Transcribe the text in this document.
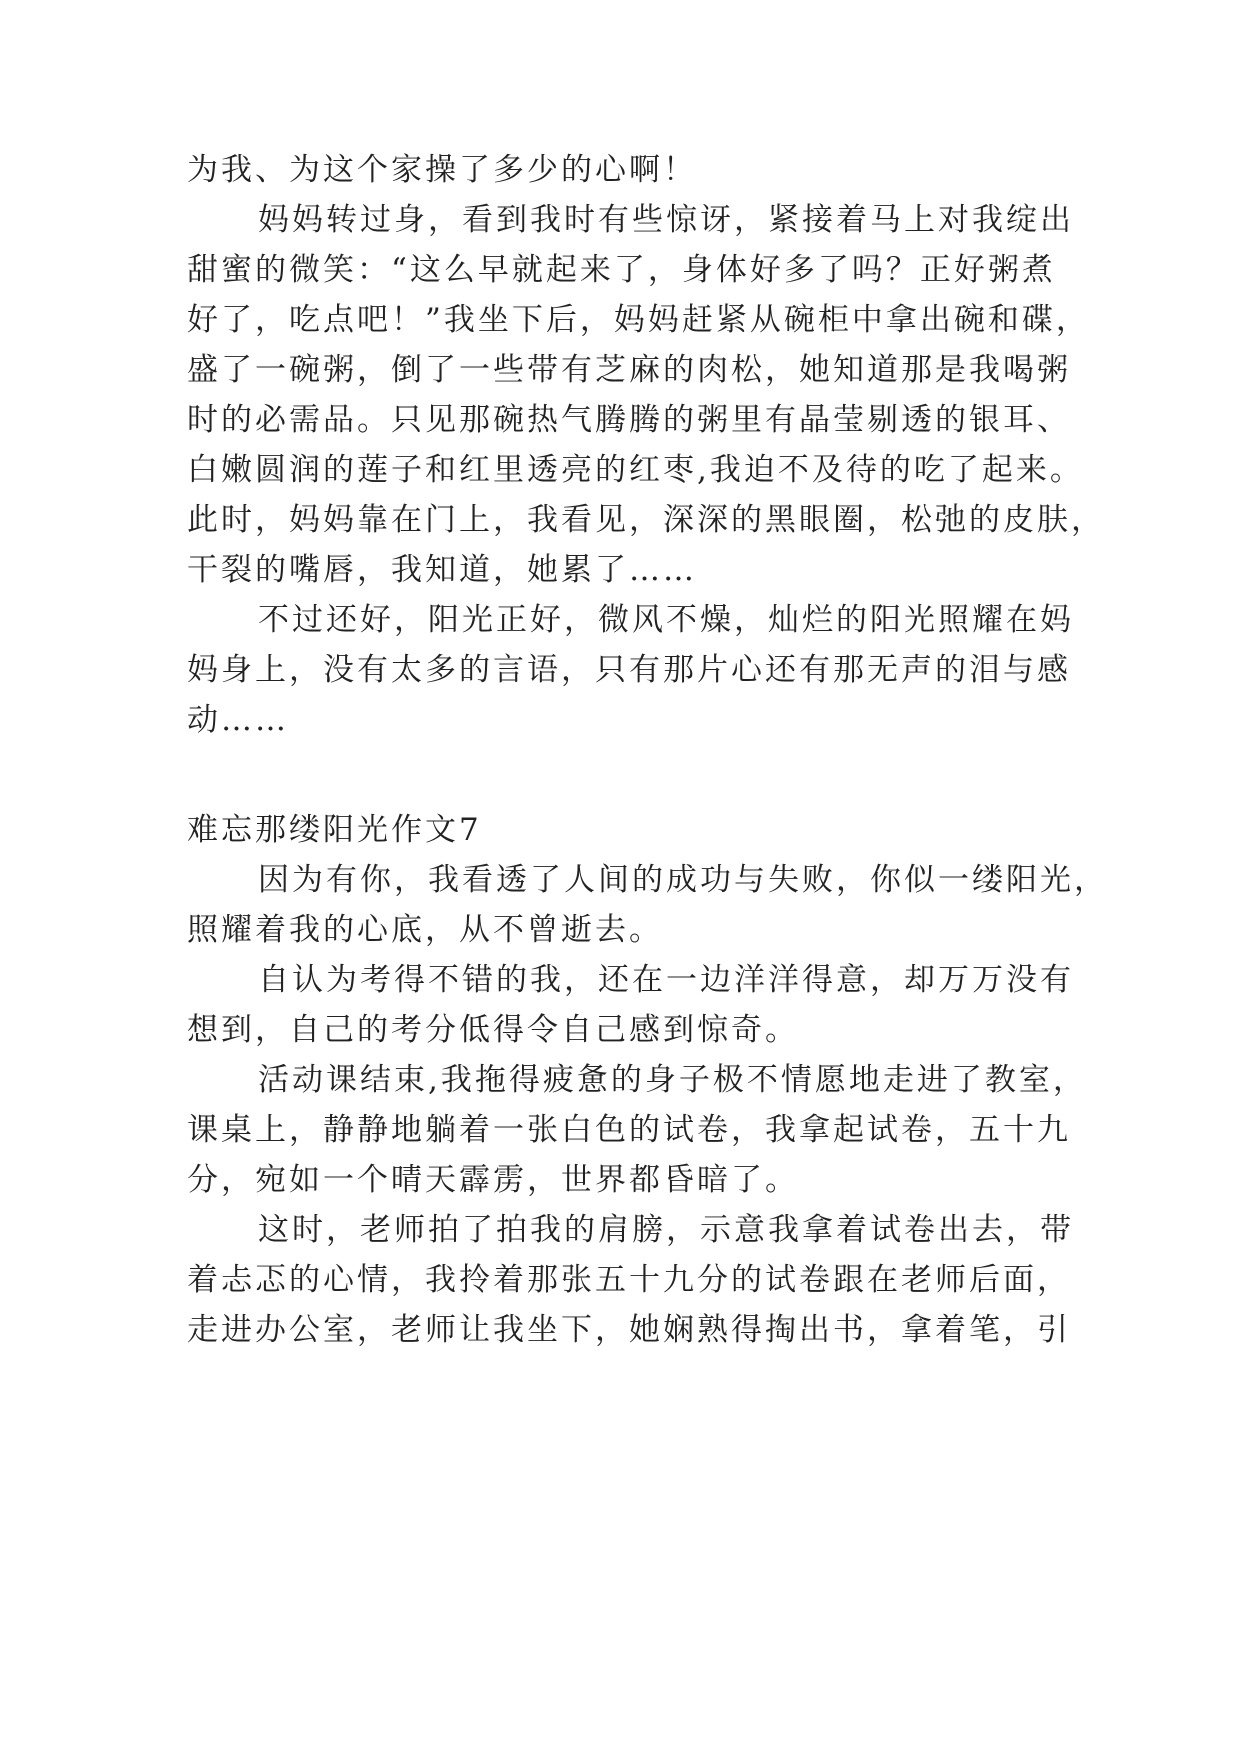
为我、为这个家操了多少的心啊！
妈妈转过身，看到我时有些惊讶，紧接着马上对我绽出
甜蜜的微笑：“这么早就起来了，身体好多了吗？正好粥煮
好了，吃点吧！”我坐下后，妈妈赶紧从碗柜中拿出碗和碟，
盛了一碗粥，倒了一些带有芝麻的肉松，她知道那是我喝粥
时的必需品。只见那碗热气腾腾的粥里有晶莹剔透的银耳、
白嫩圆润的莲子和红里透亮的红枣,我迫不及待的吃了起来。
此时，妈妈靠在门上，我看见，深深的黑眼圈，松弛的皮肤，
干裂的嘴唇，我知道，她累了……
不过还好，阳光正好，微风不燥，灿烂的阳光照耀在妈
妈身上，没有太多的言语，只有那片心还有那无声的泪与感
动……
难忘那缕阳光作文7
因为有你，我看透了人间的成功与失败，你似一缕阳光，
照耀着我的心底，从不曾逝去。
自认为考得不错的我，还在一边洋洋得意，却万万没有
想到，自己的考分低得令自己感到惊奇。
活动课结束,我拖得疲惫的身子极不情愿地走进了教室，
课桌上，静静地躺着一张白色的试卷，我拿起试卷，五十九
分，宛如一个晴天霹雳，世界都昏暗了。
这时，老师拍了拍我的肩膀，示意我拿着试卷出去，带
着忐忑的心情，我拎着那张五十九分的试卷跟在老师后面，
走进办公室，老师让我坐下，她娴熟得掏出书，拿着笔，引
